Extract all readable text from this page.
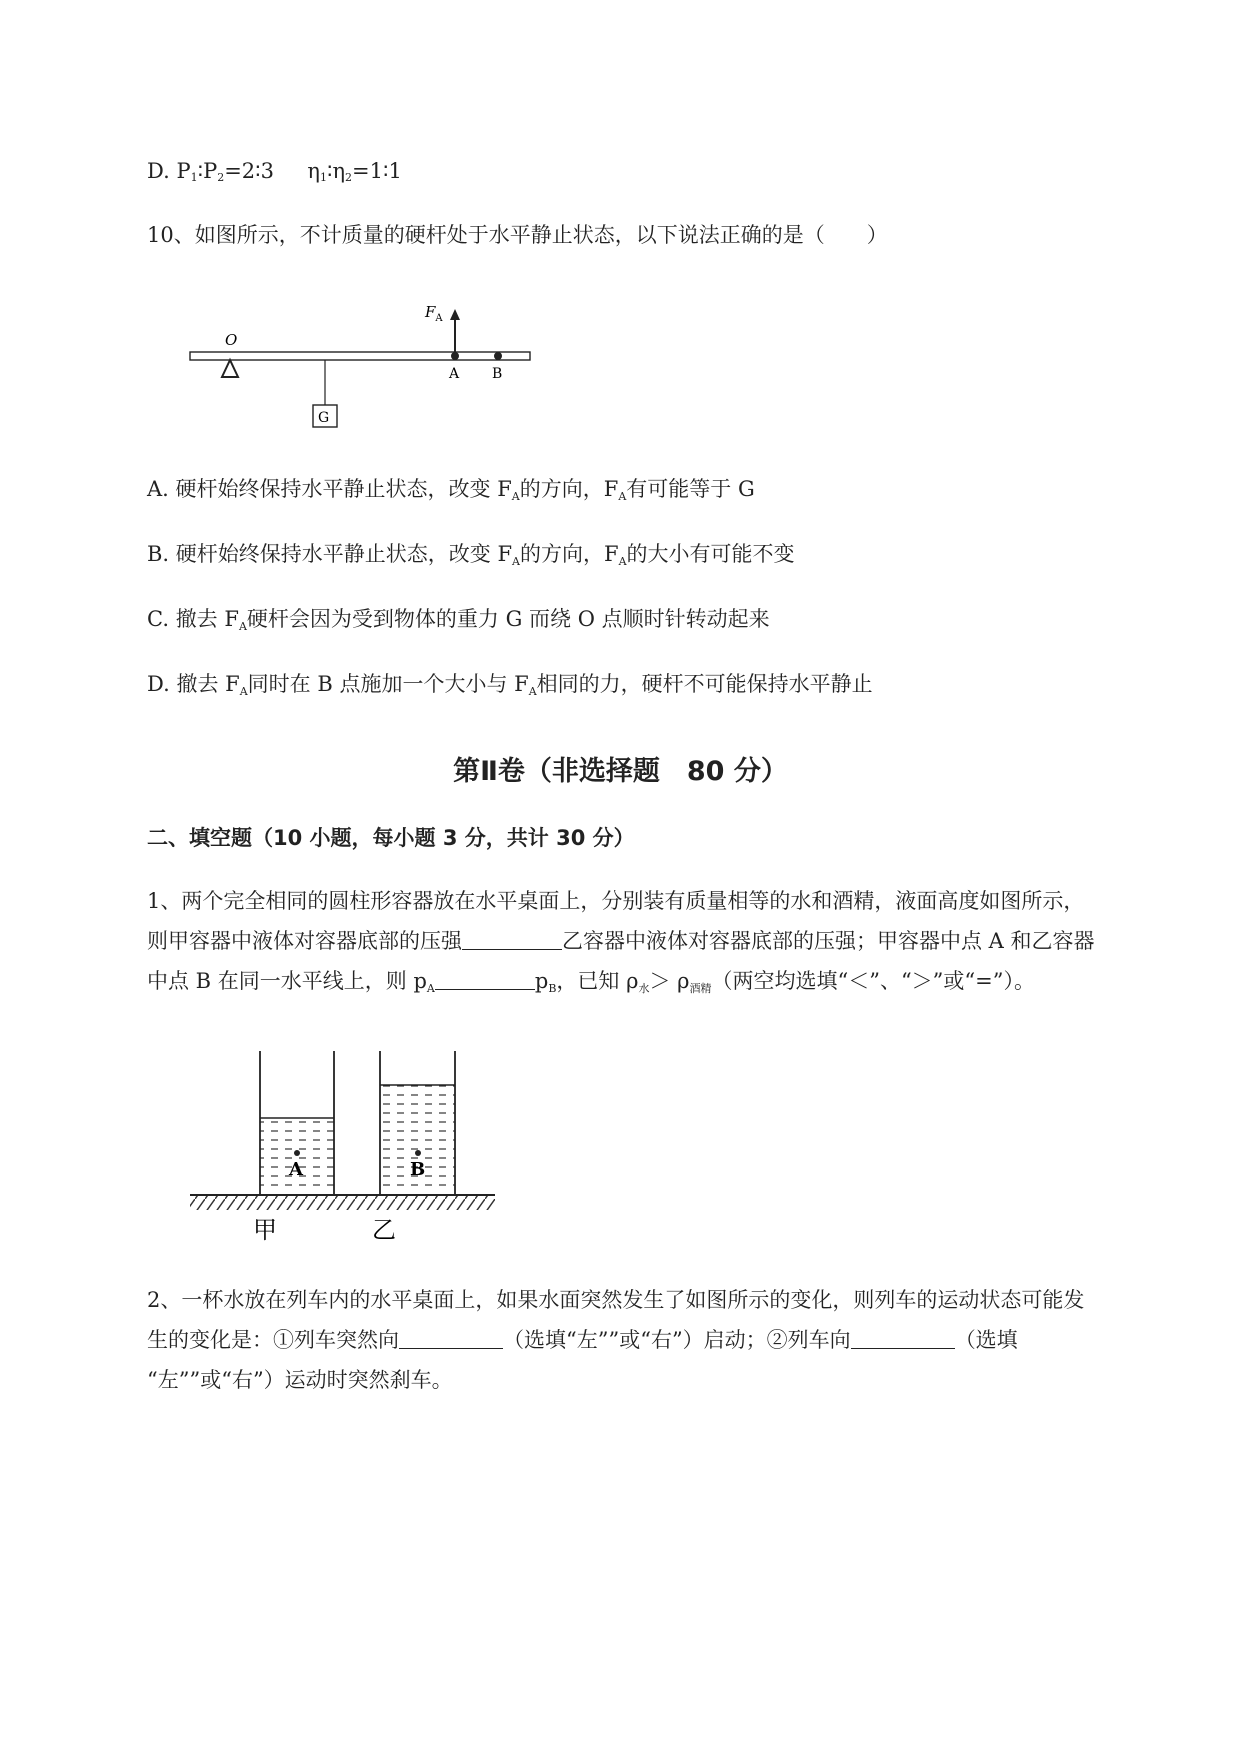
D. $P_1∶P_2=2∶3$ $\eta_1∶\eta_2=1∶1$
10、如图所示，不计质量的硬杆处于水平静止状态，以下说法正确的是（　　）
O
G
A B
$F_A$
A. 硬杆始终保持水平静止状态，改变 FA的方向，FA有可能等于 G
B. 硬杆始终保持水平静止状态，改变 FA的方向，FA的大小有可能不变
C. 撤去 FA硬杆会因为受到物体的重力 G 而绕 O 点顺时针转动起来
D. 撤去 FA同时在 B 点施加一个大小与 FA相同的力，硬杆不可能保持水平静止
第Ⅱ卷（非选择题　80 分）
二、填空题（10 小题，每小题 3 分，共计 30 分）
1、两个完全相同的圆柱形容器放在水平桌面上，分别装有质量相等的水和酒精，液面高度如图所示，
则甲容器中液体对容器底部的压强	乙容器中液体对容器底部的压强；甲容器中点 A 和乙容器
中点 B 在同一水平线上，则 pA	pB，已知 ρ水＞ ρ酒精（两空均选填“＜”、“＞”或“=”）。
A	B
甲	乙
2、一杯水放在列车内的水平桌面上，如果水面突然发生了如图所示的变化，则列车的运动状态可能发
生的变化是：①列车突然向	（选填“左””或“右”）启动；②列车向	（选填
“左””或“右”）运动时突然刹车。
